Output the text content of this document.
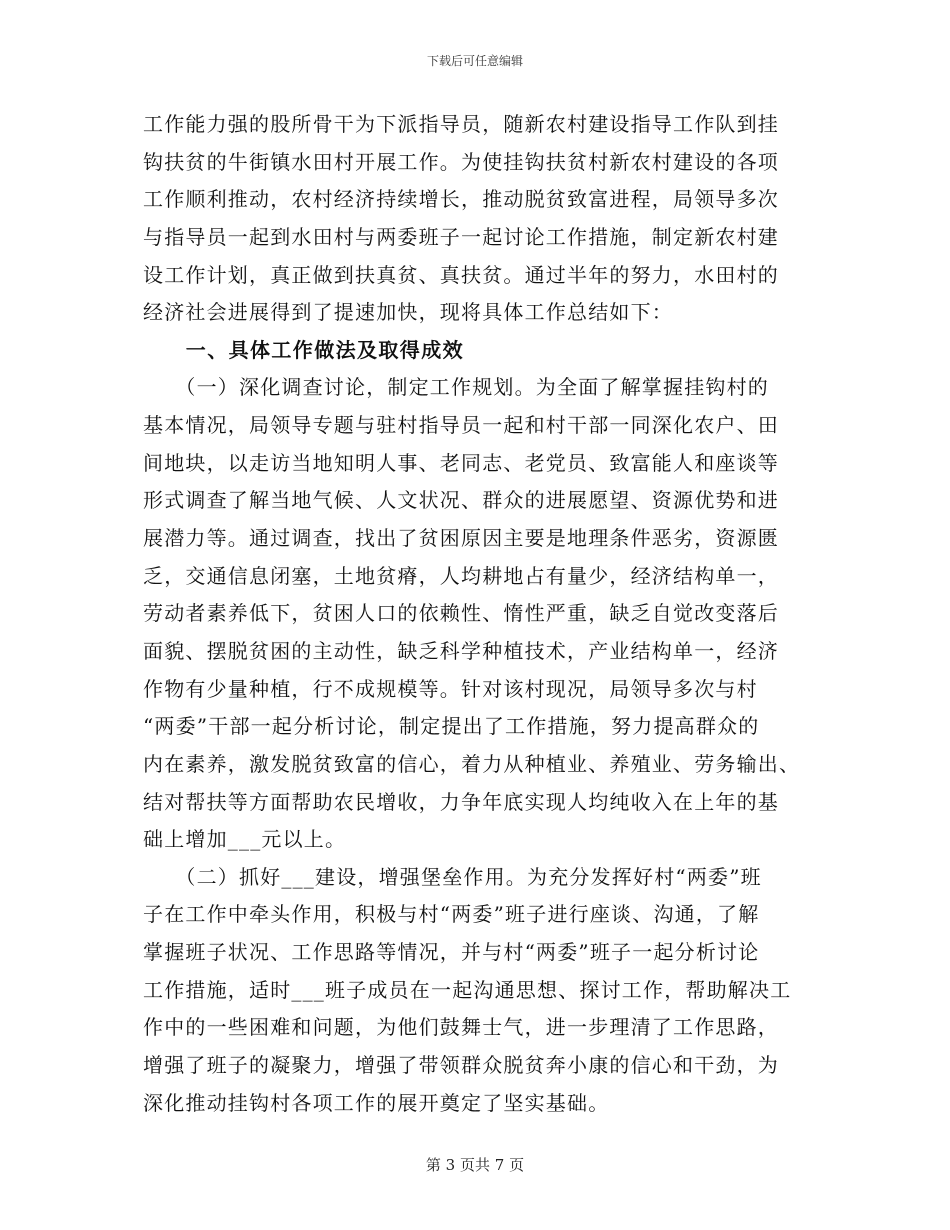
下载后可任意编辑
工作能力强的股所骨干为下派指导员，随新农村建设指导工作队到挂
钩扶贫的牛街镇水田村开展工作。为使挂钩扶贫村新农村建设的各项
工作顺利推动，农村经济持续增长，推动脱贫致富进程，局领导多次
与指导员一起到水田村与两委班子一起讨论工作措施，制定新农村建
设工作计划，真正做到扶真贫、真扶贫。通过半年的努力，水田村的
经济社会进展得到了提速加快，现将具体工作总结如下：
　　一、具体工作做法及取得成效
　　（一）深化调查讨论，制定工作规划。为全面了解掌握挂钩村的
基本情况，局领导专题与驻村指导员一起和村干部一同深化农户、田
间地块，以走访当地知明人事、老同志、老党员、致富能人和座谈等
形式调查了解当地气候、人文状况、群众的进展愿望、资源优势和进
展潜力等。通过调查，找出了贫困原因主要是地理条件恶劣，资源匮
乏，交通信息闭塞，土地贫瘠，人均耕地占有量少，经济结构单一，
劳动者素养低下，贫困人口的依赖性、惰性严重，缺乏自觉改变落后
面貌、摆脱贫困的主动性，缺乏科学种植技术，产业结构单一，经济
作物有少量种植，行不成规模等。针对该村现况，局领导多次与村
“两委”干部一起分析讨论，制定提出了工作措施，努力提高群众的
内在素养，激发脱贫致富的信心，着力从种植业、养殖业、劳务输出、
结对帮扶等方面帮助农民增收，力争年底实现人均纯收入在上年的基
础上增加___元以上。
　　（二）抓好___建设，增强堡垒作用。为充分发挥好村“两委”班
子在工作中牵头作用，积极与村“两委”班子进行座谈、沟通，了解
掌握班子状况、工作思路等情况，并与村“两委”班子一起分析讨论
工作措施，适时___班子成员在一起沟通思想、探讨工作，帮助解决工
作中的一些困难和问题，为他们鼓舞士气，进一步理清了工作思路，
增强了班子的凝聚力，增强了带领群众脱贫奔小康的信心和干劲，为
深化推动挂钩村各项工作的展开奠定了坚实基础。
第 3 页共 7 页
